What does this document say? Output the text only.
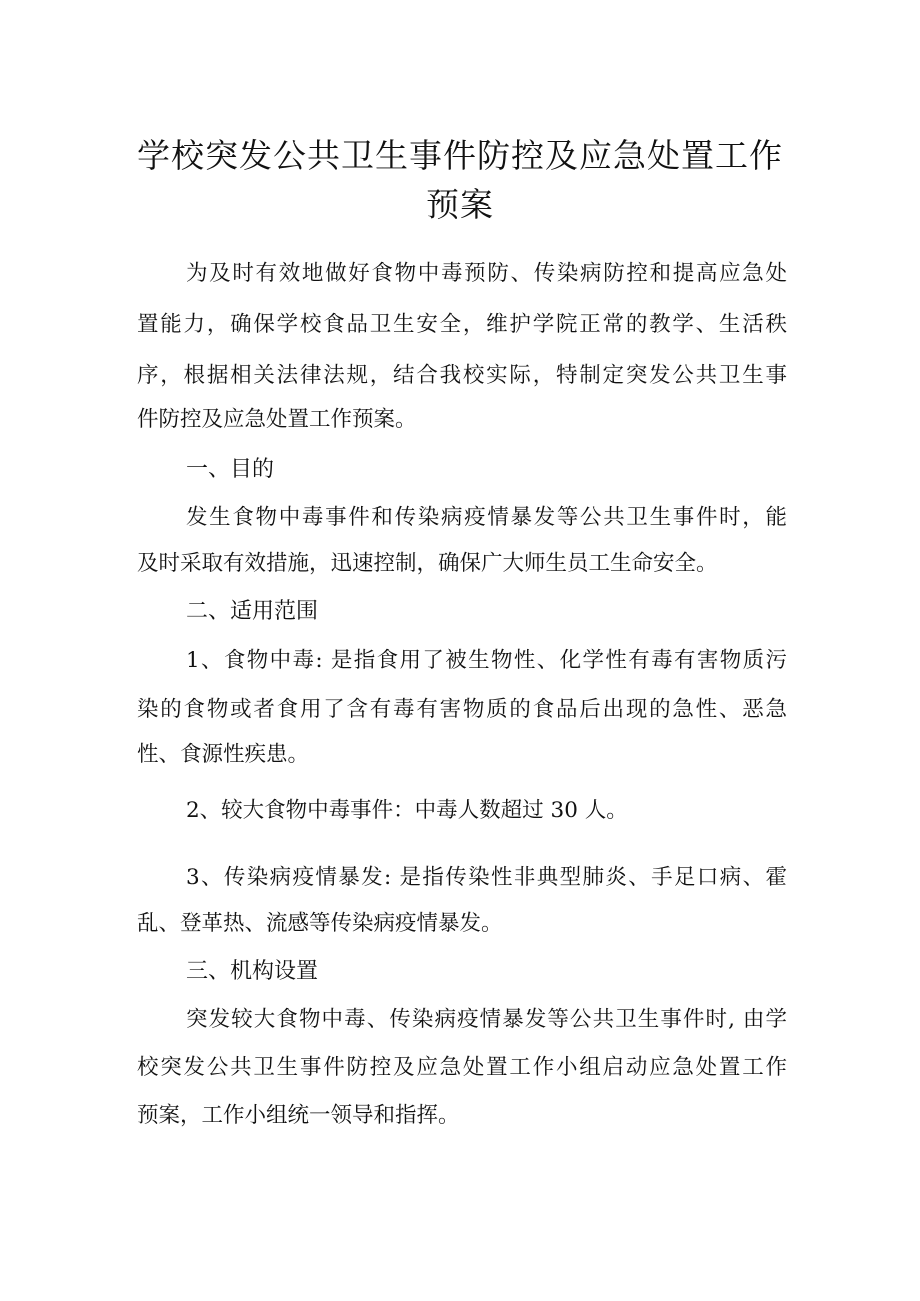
学校突发公共卫生事件防控及应急处置工作
预案

为及时有效地做好食物中毒预防、传染病防控和提高应急处

置能力，确保学校食品卫生安全，维护学院正常的教学、生活秩

序，根据相关法律法规，结合我校实际，特制定突发公共卫生事

件防控及应急处置工作预案。

一、目的

发生食物中毒事件和传染病疫情暴发等公共卫生事件时，能

及时采取有效措施，迅速控制，确保广大师生员工生命安全。

二、适用范围

1、食物中毒: 是指食用了被生物性、化学性有毒有害物质污

染的食物或者食用了含有毒有害物质的食品后出现的急性、恶急

性、食源性疾患。

2、较大食物中毒事件：中毒人数超过 30 人。

3、传染病疫情暴发: 是指传染性非典型肺炎、手足口病、霍

乱、登革热、流感等传染病疫情暴发。

三、机构设置

突发较大食物中毒、传染病疫情暴发等公共卫生事件时, 由学

校突发公共卫生事件防控及应急处置工作小组启动应急处置工作

预案，工作小组统一领导和指挥。
